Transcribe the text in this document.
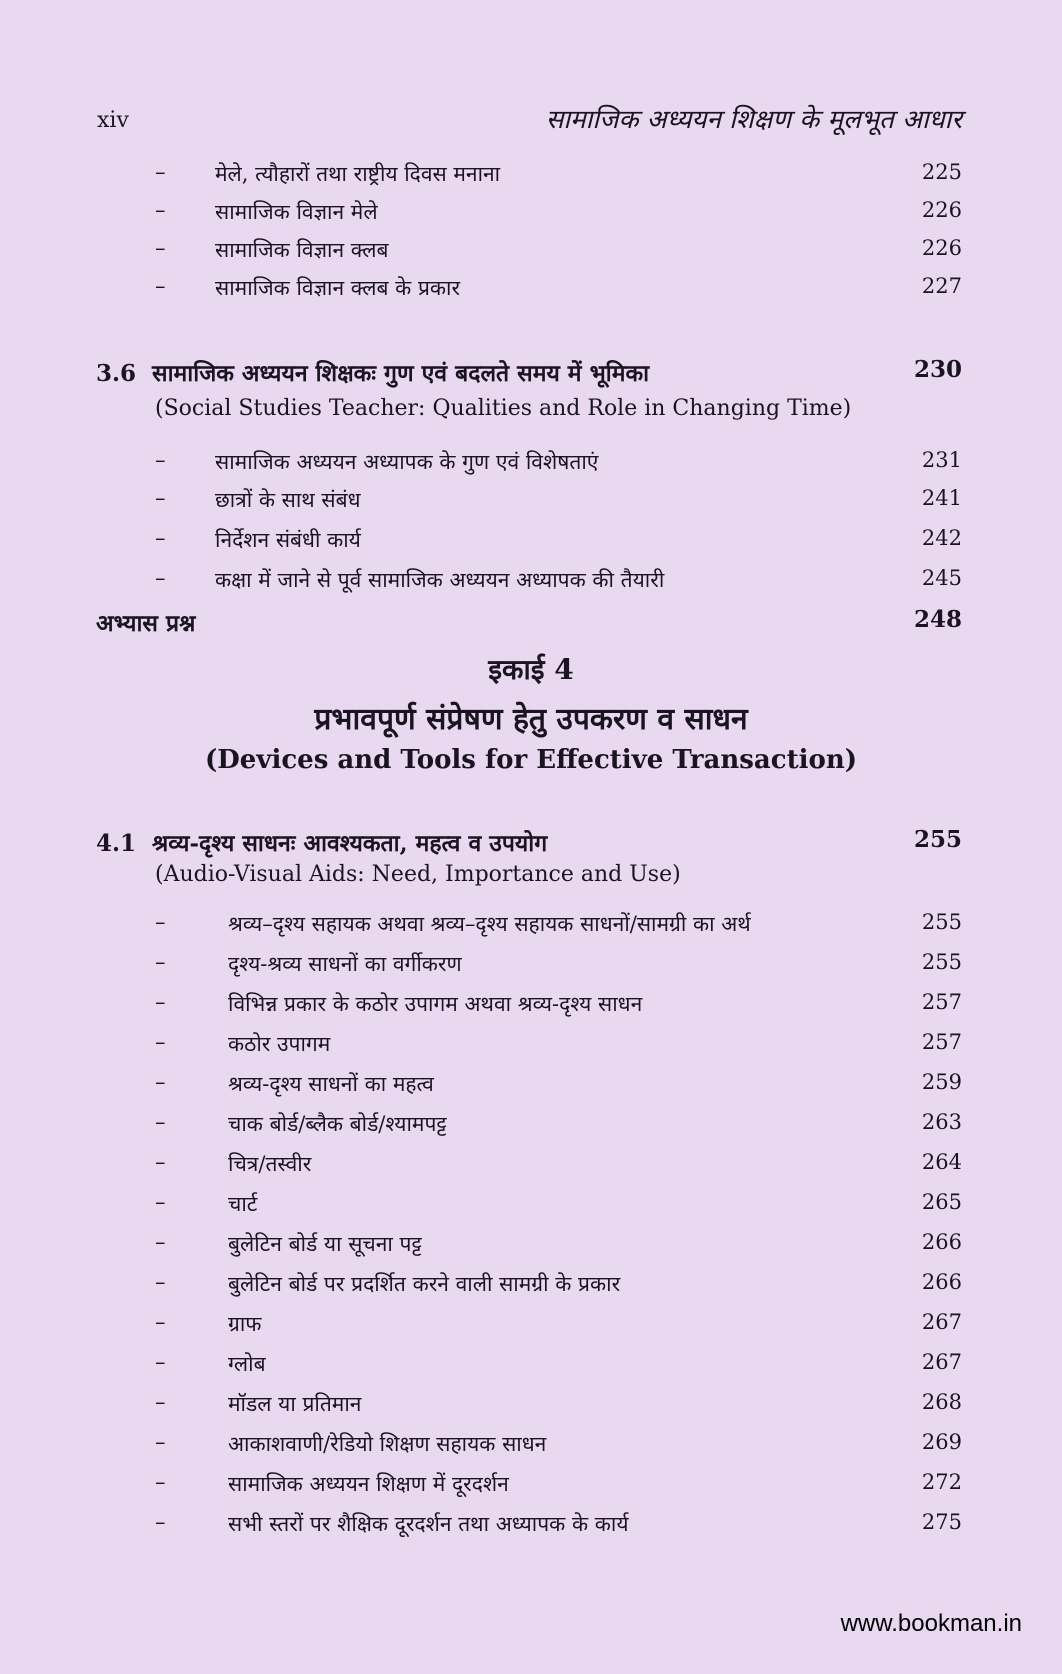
xiv	सामाजिक अध्ययन शिक्षण के मूलभूत आधार
– मेले, त्यौहारों तथा राष्ट्रीय दिवस मनाना	225
– सामाजिक विज्ञान मेले	226
– सामाजिक विज्ञान क्लब	226
– सामाजिक विज्ञान क्लब के प्रकार	227
3.6 सामाजिक अध्ययन शिक्षकः गुण एवं बदलते समय में भूमिका	230
(Social Studies Teacher: Qualities and Role in Changing Time)
– सामाजिक अध्ययन अध्यापक के गुण एवं विशेषताएं	231
– छात्रों के साथ संबंध	241
– निर्देशन संबंधी कार्य	242
– कक्षा में जाने से पूर्व सामाजिक अध्ययन अध्यापक की तैयारी	245
अभ्यास प्रश्न	248
इकाई 4
प्रभावपूर्ण संप्रेषण हेतु उपकरण व साधन
(Devices and Tools for Effective Transaction)
4.1 श्रव्य-दृश्य साधनः आवश्यकता, महत्व व उपयोग	255
(Audio-Visual Aids: Need, Importance and Use)
–	श्रव्य–दृश्य सहायक अथवा श्रव्य–दृश्य सहायक साधनों/सामग्री का अर्थ	255
–	दृश्य-श्रव्य साधनों का वर्गीकरण	255
–	विभिन्न प्रकार के कठोर उपागम अथवा श्रव्य-दृश्य साधन	257
–	कठोर उपागम	257
–	श्रव्य-दृश्य साधनों का महत्व	259
–	चाक बोर्ड/ब्लैक बोर्ड/श्यामपट्ट	263
–	चित्र/तस्वीर	264
–	चार्ट	265
–	बुलेटिन बोर्ड या सूचना पट्ट	266
–	बुलेटिन बोर्ड पर प्रदर्शित करने वाली सामग्री के प्रकार	266
–	ग्राफ	267
–	ग्लोब	267
–	मॉडल या प्रतिमान	268
–	आकाशवाणी/रेडियो शिक्षण सहायक साधन	269
–	सामाजिक अध्ययन शिक्षण में दूरदर्शन	272
–	सभी स्तरों पर शैक्षिक दूरदर्शन तथा अध्यापक के कार्य	275
www.bookman.in
